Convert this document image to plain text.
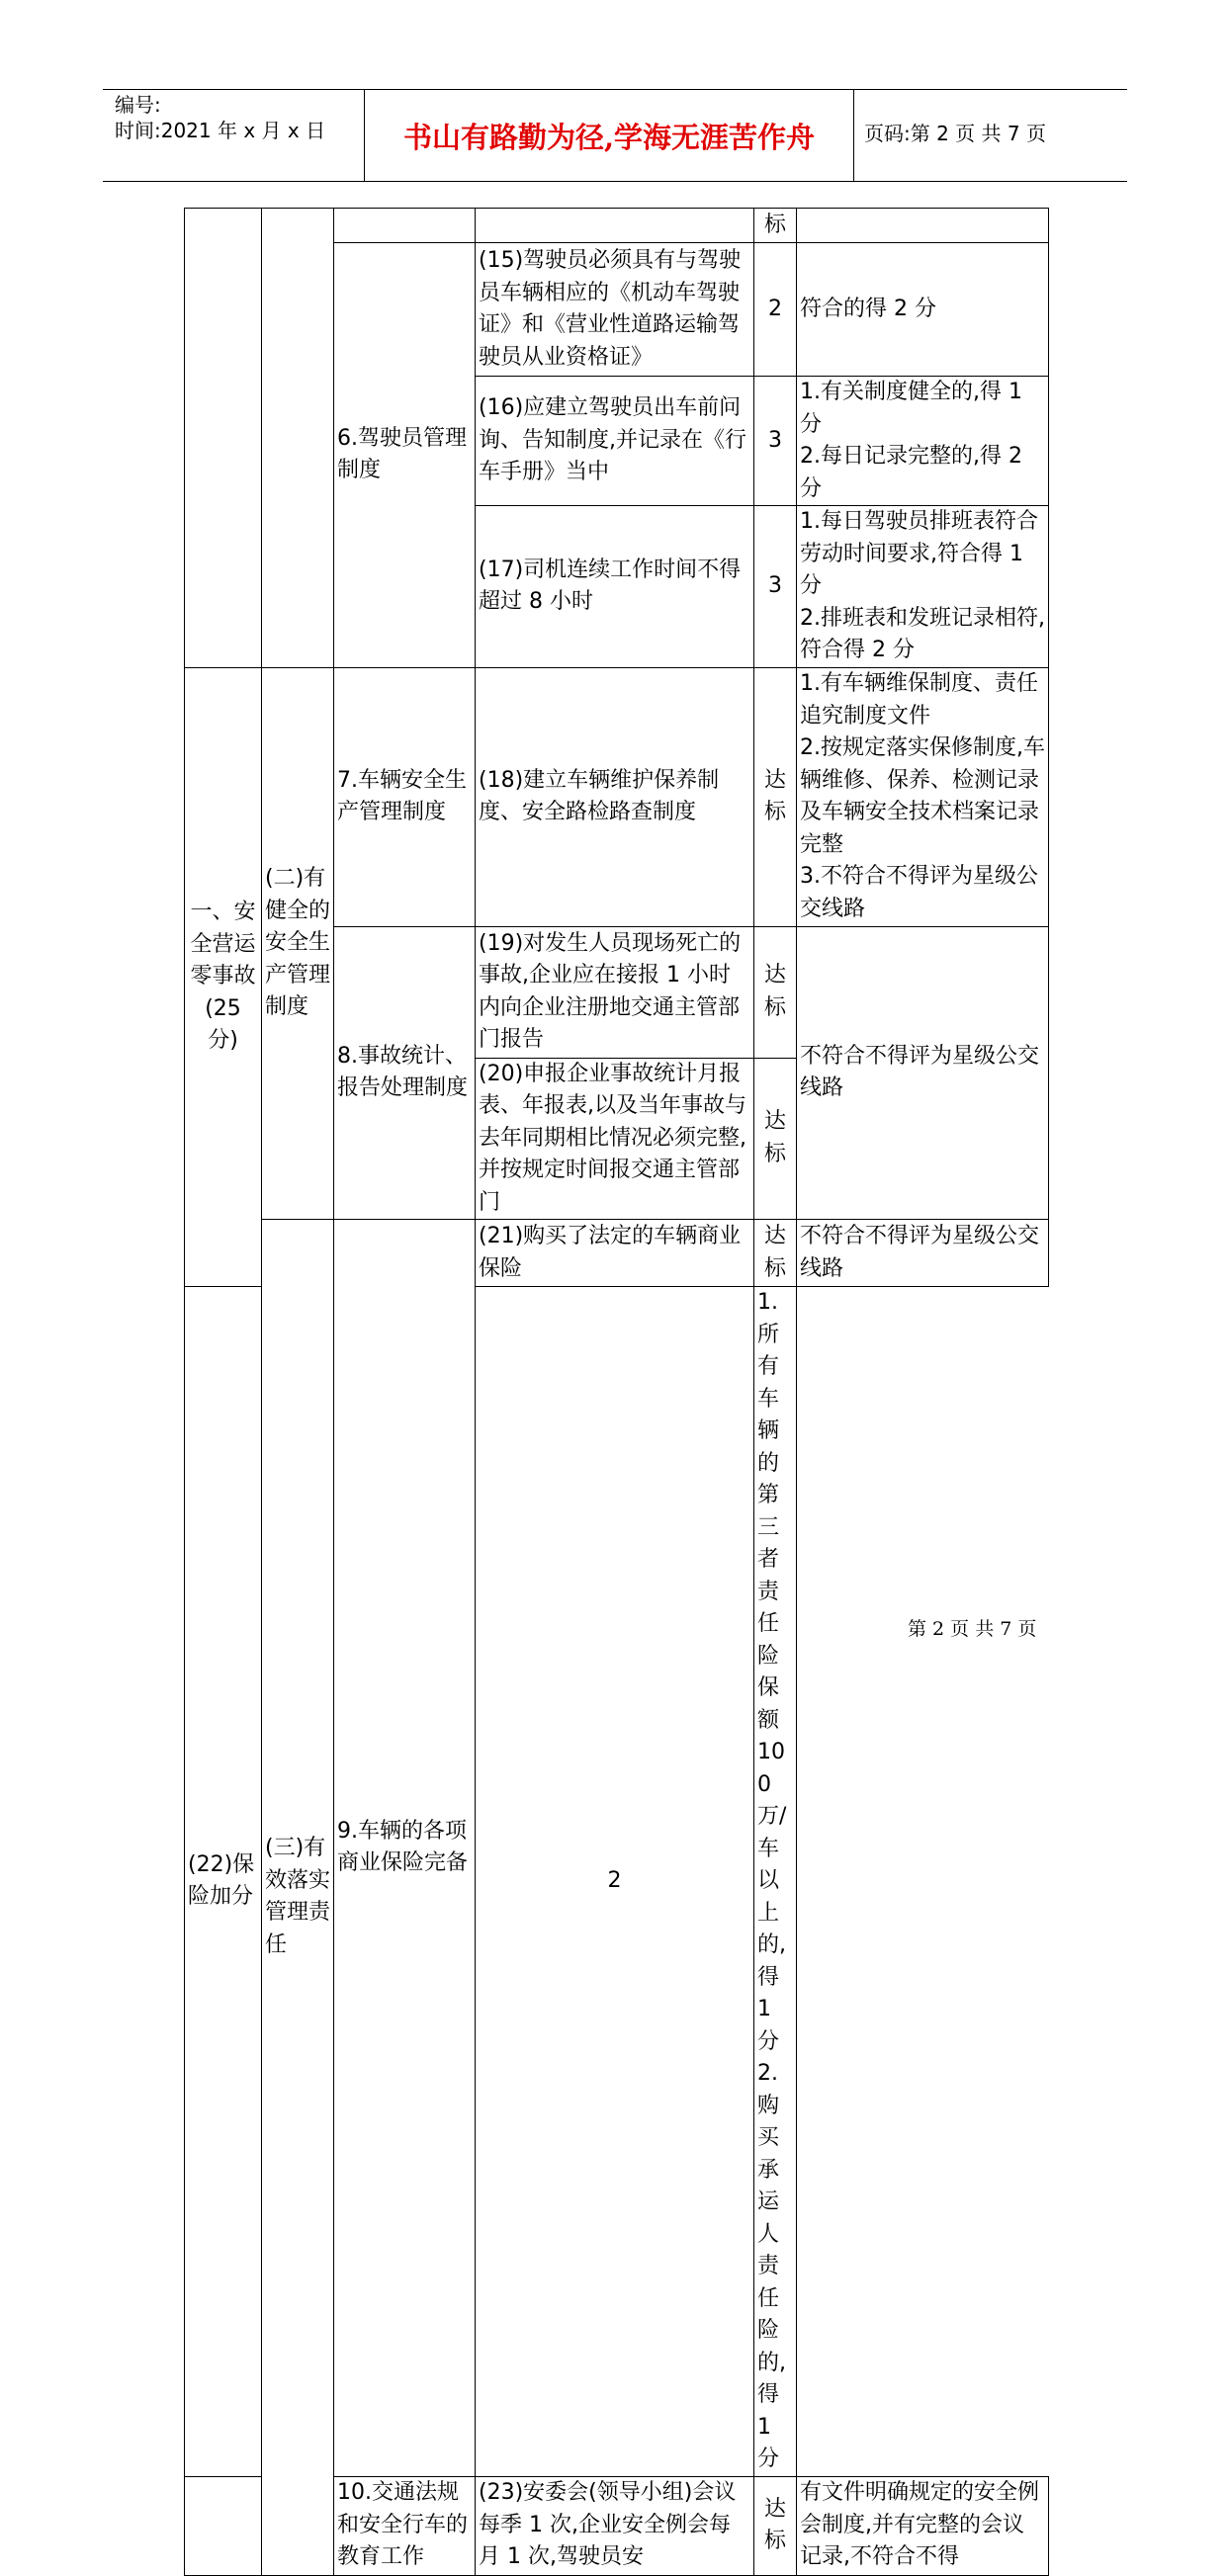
编号:
时间:2021 年 x 月 x 日	书山有路勤为径,学海无涯苦作舟	页码:第 2 页 共 7 页
				标	
		6.驾驶员管理制度	(15)驾驶员必须具有与驾驶员车辆相应的《机动车驾驶证》和《营业性道路运输驾驶员从业资格证》	2	符合的得 2 分
			(16)应建立驾驶员出车前问询、告知制度,并记录在《行车手册》当中	3	1.有关制度健全的,得 1 分
2.每日记录完整的,得 2 分
			(17)司机连续工作时间不得超过 8 小时	3	1.每日驾驶员排班表符合劳动时间要求,符合得 1 分
2.排班表和发班记录相符,符合得 2 分
一、安全营运零事故(25 分)	(二)有健全的安全生产管理制度	7.车辆安全生产管理制度	(18)建立车辆维护保养制度、安全路检路查制度	达标	1.有车辆维保制度、责任追究制度文件
2.按规定落实保修制度,车辆维修、保养、检测记录及车辆安全技术档案记录完整
3.不符合不得评为星级公交线路
		8.事故统计、报告处理制度	(19)对发生人员现场死亡的事故,企业应在接报 1 小时内向企业注册地交通主管部门报告	达标	不符合不得评为星级公交线路
			(20)申报企业事故统计月报表、年报表,以及当年事故与去年同期相比情况必须完整,并按规定时间报交通主管部门	达标	
	(三)有效落实管理责任	9.车辆的各项商业保险完备	(21)购买了法定的车辆商业保险	达标	不符合不得评为星级公交线路
(22)保险加分			2	1.所有车辆的第三者责任险保额 100 万/车以上的,得 1 分
2.购买承运人责任险的,得 1 分	
		10.交通法规和安全行车的教育工作	(23)安委会(领导小组)会议每季 1 次,企业安全例会每月 1 次,驾驶员安	达标	有文件明确规定的安全例会制度,并有完整的会议记录,不符合不得
第 2 页 共 7 页
